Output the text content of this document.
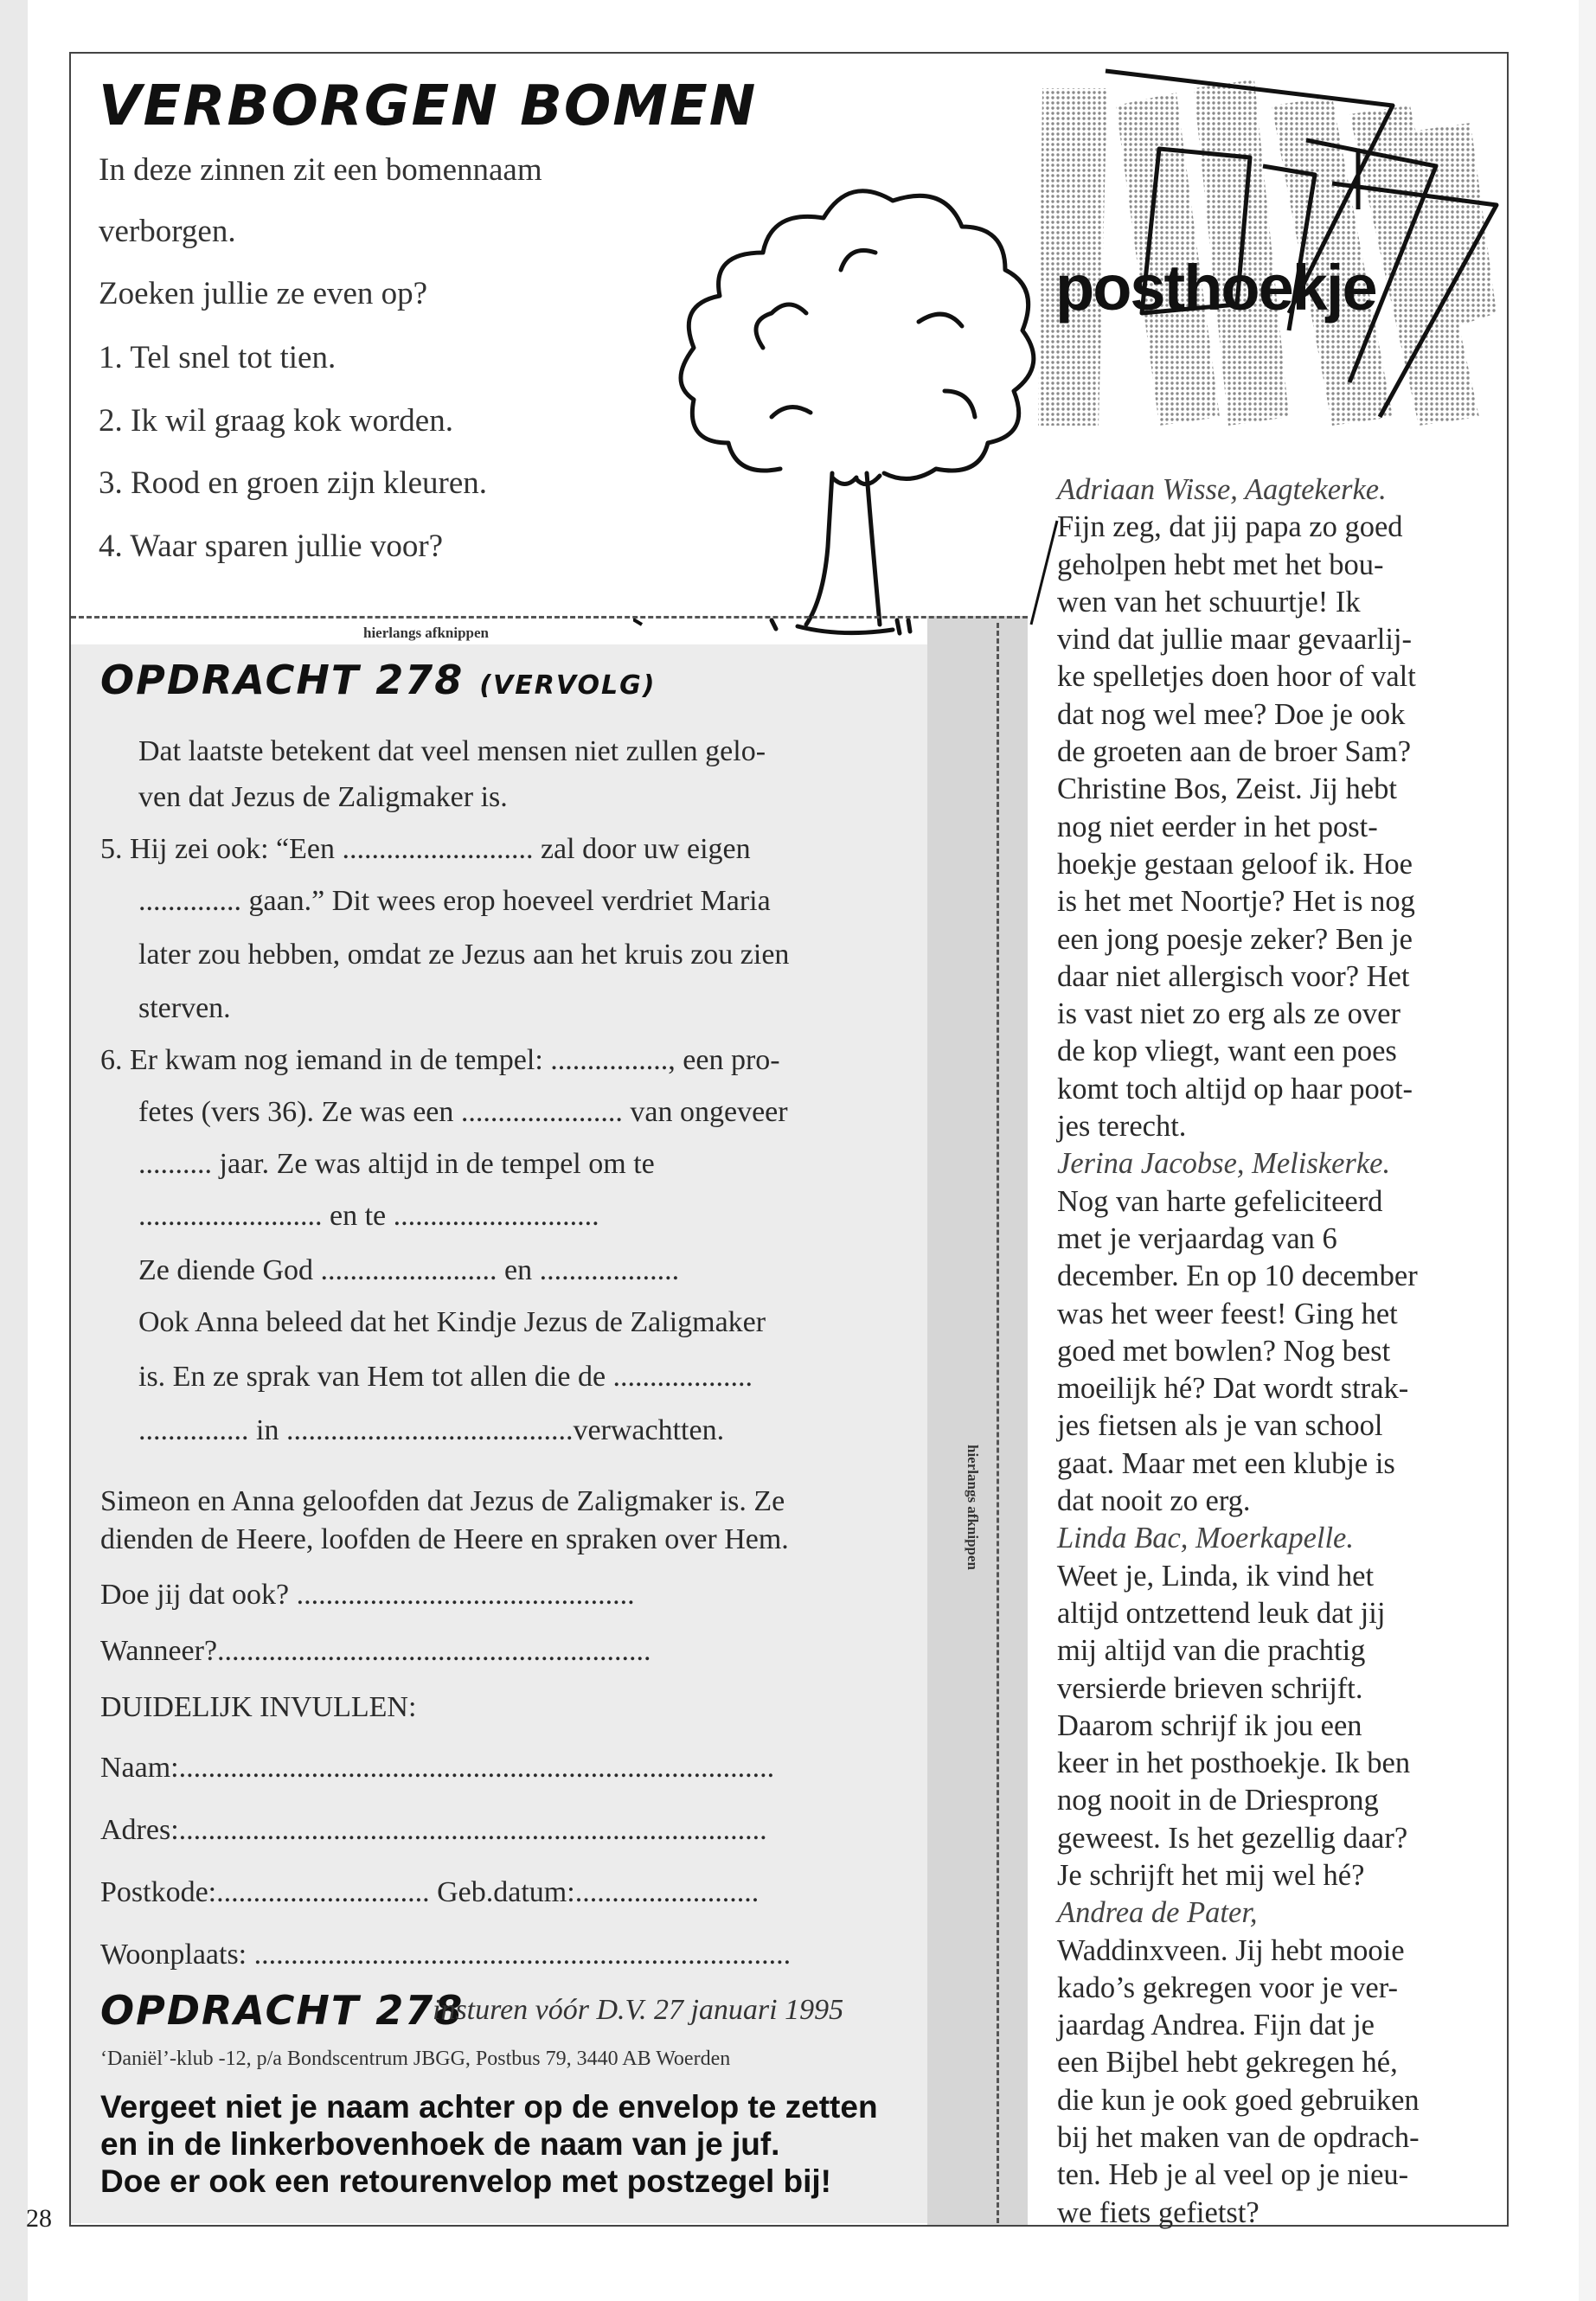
VERBORGEN BOMEN
In deze zinnen zit een bomennaam
verborgen.
Zoeken jullie ze even op?
1. Tel snel tot tien.
2. Ik wil graag kok worden.
3. Rood en groen zijn kleuren.
4. Waar sparen jullie voor?
hierlangs afknippen
hierlangs afknippen
OPDRACHT 278 (VERVOLG)
Dat laatste betekent dat veel mensen niet zullen gelo-
ven dat Jezus de Zaligmaker is.
5. Hij zei ook: “Een .......................... zal door uw eigen
.............. gaan.” Dit wees erop hoeveel verdriet Maria
later zou hebben, omdat ze Jezus aan het kruis zou zien
sterven.
6. Er kwam nog iemand in de tempel: ................, een pro-
fetes (vers 36). Ze was een ...................... van ongeveer
.......... jaar. Ze was altijd in de tempel om te
......................... en te ............................
Ze diende God ........................ en ...................
Ook Anna beleed dat het Kindje Jezus de Zaligmaker
is. En ze sprak van Hem tot allen die de ...................
............... in .......................................verwachtten.
Simeon en Anna geloofden dat Jezus de Zaligmaker is. Ze
dienden de Heere, loofden de Heere en spraken over Hem.
Doe jij dat ook? ..............................................
Wanneer?...........................................................
DUIDELIJK INVULLEN:
Naam:.................................................................................
Adres:................................................................................
Postkode:............................. Geb.datum:.........................
Woonplaats: .........................................................................
OPDRACHT 278
insturen vóór D.V. 27 januari 1995
‘Daniël’-klub -12, p/a Bondscentrum JBGG, Postbus 79, 3440 AB Woerden
Vergeet niet je naam achter op de envelop te zetten
en in de linkerbovenhoek de naam van je juf.
Doe er ook een retourenvelop met postzegel bij!
posthoekje
Adriaan Wisse, Aagtekerke.
Fijn zeg, dat jij papa zo goed
geholpen hebt met het bou-
wen van het schuurtje! Ik
vind dat jullie maar gevaarlij-
ke spelletjes doen hoor of valt
dat nog wel mee? Doe je ook
de groeten aan de broer Sam?
Christine Bos, Zeist. Jij hebt
nog niet eerder in het post-
hoekje gestaan geloof ik. Hoe
is het met Noortje? Het is nog
een jong poesje zeker? Ben je
daar niet allergisch voor? Het
is vast niet zo erg als ze over
de kop vliegt, want een poes
komt toch altijd op haar poot-
jes terecht.
Jerina Jacobse, Meliskerke.
Nog van harte gefeliciteerd
met je verjaardag van 6
december. En op 10 december
was het weer feest! Ging het
goed met bowlen? Nog best
moeilijk hé? Dat wordt strak-
jes fietsen als je van school
gaat. Maar met een klubje is
dat nooit zo erg.
Linda Bac, Moerkapelle.
Weet je, Linda, ik vind het
altijd ontzettend leuk dat jij
mij altijd van die prachtig
versierde brieven schrijft.
Daarom schrijf ik jou een
keer in het posthoekje. Ik ben
nog nooit in de Driesprong
geweest. Is het gezellig daar?
Je schrijft het mij wel hé?
Andrea de Pater,
Waddinxveen. Jij hebt mooie
kado’s gekregen voor je ver-
jaardag Andrea. Fijn dat je
een Bijbel hebt gekregen hé,
die kun je ook goed gebruiken
bij het maken van de opdrach-
ten. Heb je al veel op je nieu-
we fiets gefietst?
28
